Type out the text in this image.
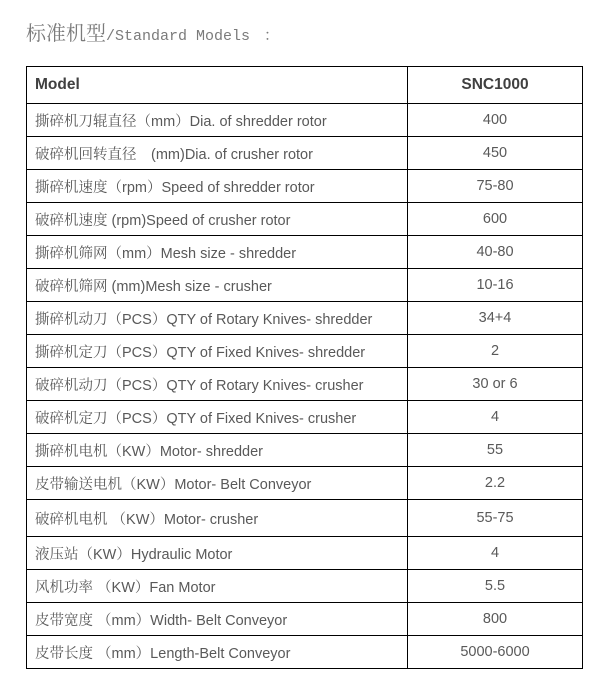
标准机型/Standard Models ：
Model	SNC1000
撕碎机刀辊直径（mm）Dia. of shredder rotor	400
破碎机回转直径　(mm)Dia. of crusher rotor	450
撕碎机速度（rpm）Speed of shredder rotor	75-80
破碎机速度 (rpm)Speed of crusher rotor	600
撕碎机筛网（mm）Mesh size - shredder	40-80
破碎机筛网 (mm)Mesh size - crusher	10-16
撕碎机动刀（PCS）QTY of Rotary Knives- shredder	34+4
撕碎机定刀（PCS）QTY of Fixed Knives- shredder	2
破碎机动刀（PCS）QTY of Rotary Knives- crusher	30 or 6
破碎机定刀（PCS）QTY of Fixed Knives- crusher	4
撕碎机电机（KW）Motor- shredder	55
皮带输送电机（KW）Motor- Belt Conveyor	2.2
破碎机电机 （KW）Motor- crusher	55-75
液压站（KW）Hydraulic Motor	4
风机功率 （KW）Fan Motor	5.5
皮带宽度 （mm）Width- Belt Conveyor	800
皮带长度 （mm）Length-Belt Conveyor	5000-6000
